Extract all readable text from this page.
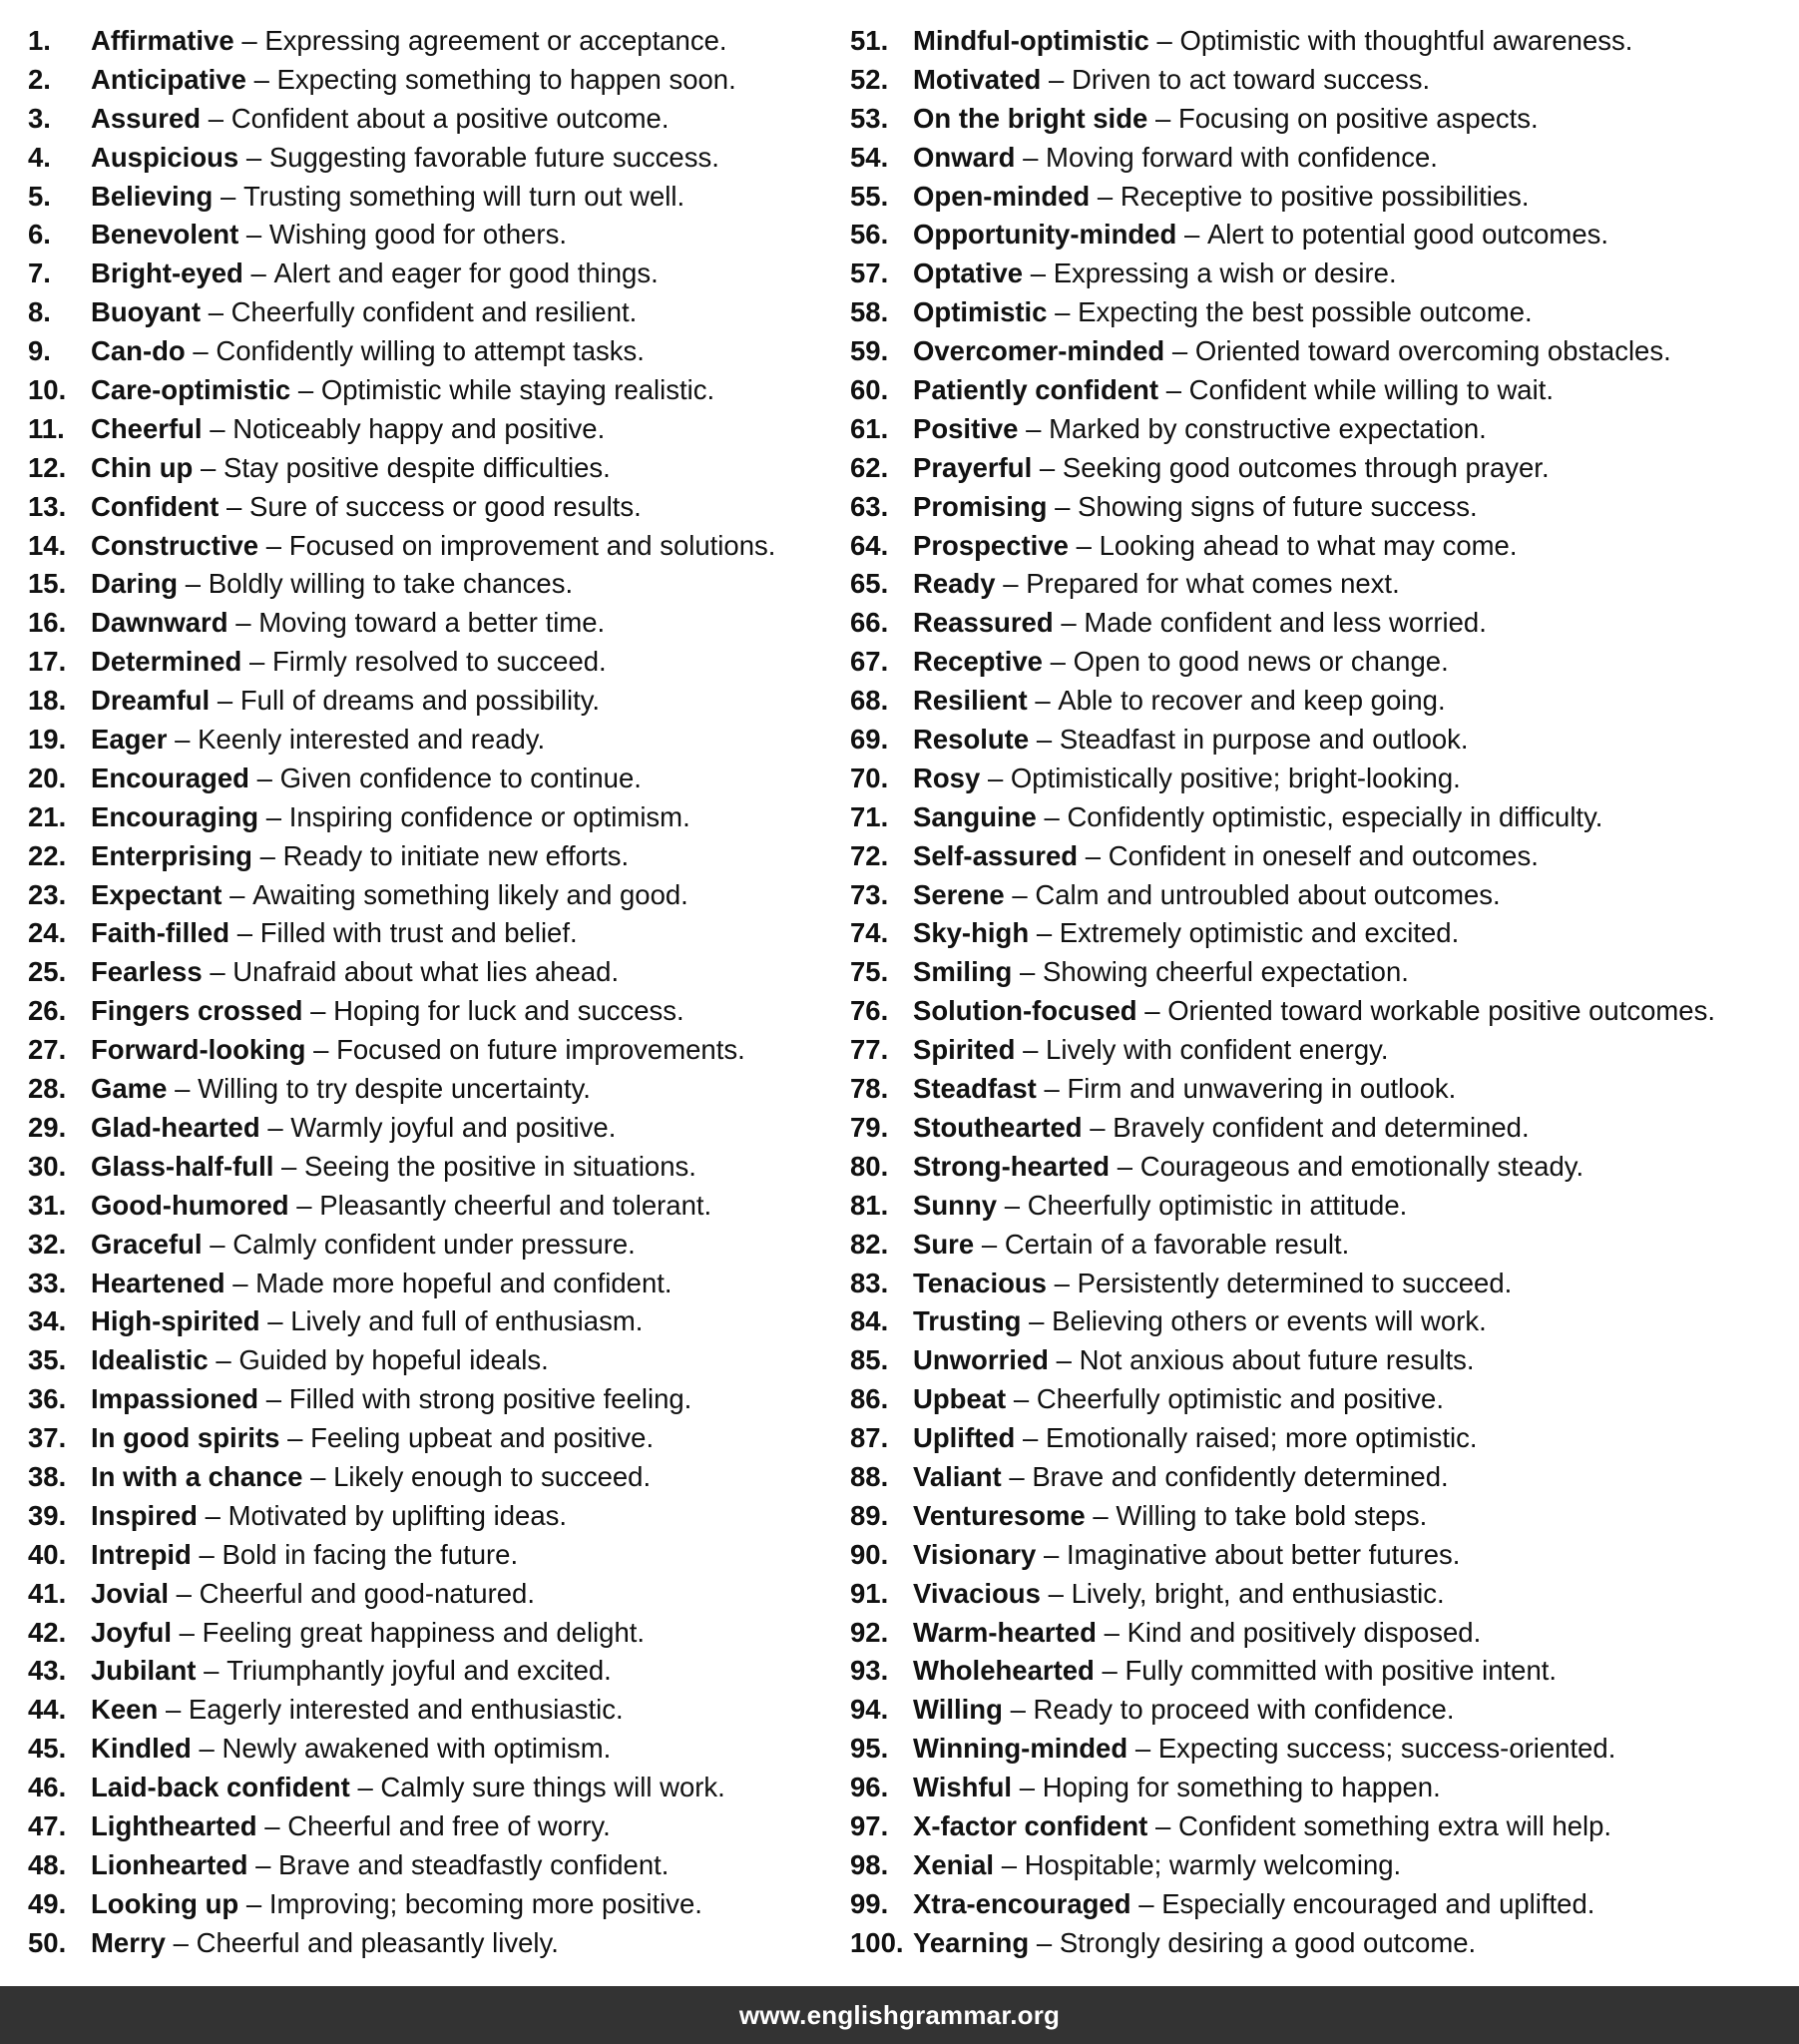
1.	Affirmative – Expressing agreement or acceptance.
2.	Anticipative – Expecting something to happen soon.
3.	Assured – Confident about a positive outcome.
4.	Auspicious – Suggesting favorable future success.
5.	Believing – Trusting something will turn out well.
6.	Benevolent – Wishing good for others.
7.	Bright-eyed – Alert and eager for good things.
8.	Buoyant – Cheerfully confident and resilient.
9.	Can-do – Confidently willing to attempt tasks.
10. Care-optimistic – Optimistic while staying realistic.
11. Cheerful – Noticeably happy and positive.
12. Chin up – Stay positive despite difficulties.
13. Confident – Sure of success or good results.
14. Constructive – Focused on improvement and solutions.
15. Daring – Boldly willing to take chances.
16. Dawnward – Moving toward a better time.
17. Determined – Firmly resolved to succeed.
18. Dreamful – Full of dreams and possibility.
19. Eager – Keenly interested and ready.
20. Encouraged – Given confidence to continue.
21. Encouraging – Inspiring confidence or optimism.
22. Enterprising – Ready to initiate new efforts.
23. Expectant – Awaiting something likely and good.
24. Faith-filled – Filled with trust and belief.
25. Fearless – Unafraid about what lies ahead.
26. Fingers crossed – Hoping for luck and success.
27. Forward-looking – Focused on future improvements.
28. Game – Willing to try despite uncertainty.
29. Glad-hearted – Warmly joyful and positive.
30. Glass-half-full – Seeing the positive in situations.
31. Good-humored – Pleasantly cheerful and tolerant.
32. Graceful – Calmly confident under pressure.
33. Heartened – Made more hopeful and confident.
34. High-spirited – Lively and full of enthusiasm.
35. Idealistic – Guided by hopeful ideals.
36. Impassioned – Filled with strong positive feeling.
37. In good spirits – Feeling upbeat and positive.
38. In with a chance – Likely enough to succeed.
39. Inspired – Motivated by uplifting ideas.
40. Intrepid – Bold in facing the future.
41. Jovial – Cheerful and good-natured.
42. Joyful – Feeling great happiness and delight.
43. Jubilant – Triumphantly joyful and excited.
44. Keen – Eagerly interested and enthusiastic.
45. Kindled – Newly awakened with optimism.
46. Laid-back confident – Calmly sure things will work.
47. Lighthearted – Cheerful and free of worry.
48. Lionhearted – Brave and steadfastly confident.
49. Looking up – Improving; becoming more positive.
50. Merry – Cheerful and pleasantly lively.
51. Mindful-optimistic – Optimistic with thoughtful awareness.
52. Motivated – Driven to act toward success.
53. On the bright side – Focusing on positive aspects.
54. Onward – Moving forward with confidence.
55. Open-minded – Receptive to positive possibilities.
56. Opportunity-minded – Alert to potential good outcomes.
57. Optative – Expressing a wish or desire.
58. Optimistic – Expecting the best possible outcome.
59. Overcomer-minded – Oriented toward overcoming obstacles.
60. Patiently confident – Confident while willing to wait.
61. Positive – Marked by constructive expectation.
62. Prayerful – Seeking good outcomes through prayer.
63. Promising – Showing signs of future success.
64. Prospective – Looking ahead to what may come.
65. Ready – Prepared for what comes next.
66. Reassured – Made confident and less worried.
67. Receptive – Open to good news or change.
68. Resilient – Able to recover and keep going.
69. Resolute – Steadfast in purpose and outlook.
70. Rosy – Optimistically positive; bright-looking.
71. Sanguine – Confidently optimistic, especially in difficulty.
72. Self-assured – Confident in oneself and outcomes.
73. Serene – Calm and untroubled about outcomes.
74. Sky-high – Extremely optimistic and excited.
75. Smiling – Showing cheerful expectation.
76. Solution-focused – Oriented toward workable positive outcomes.
77. Spirited – Lively with confident energy.
78. Steadfast – Firm and unwavering in outlook.
79. Stouthearted – Bravely confident and determined.
80. Strong-hearted – Courageous and emotionally steady.
81. Sunny – Cheerfully optimistic in attitude.
82. Sure – Certain of a favorable result.
83. Tenacious – Persistently determined to succeed.
84. Trusting – Believing others or events will work.
85. Unworried – Not anxious about future results.
86. Upbeat – Cheerfully optimistic and positive.
87. Uplifted – Emotionally raised; more optimistic.
88. Valiant – Brave and confidently determined.
89. Venturesome – Willing to take bold steps.
90. Visionary – Imaginative about better futures.
91. Vivacious – Lively, bright, and enthusiastic.
92. Warm-hearted – Kind and positively disposed.
93. Wholehearted – Fully committed with positive intent.
94. Willing – Ready to proceed with confidence.
95. Winning-minded – Expecting success; success-oriented.
96. Wishful – Hoping for something to happen.
97. X-factor confident – Confident something extra will help.
98. Xenial – Hospitable; warmly welcoming.
99. Xtra-encouraged – Especially encouraged and uplifted.
100. Yearning – Strongly desiring a good outcome.
www.englishgrammar.org
